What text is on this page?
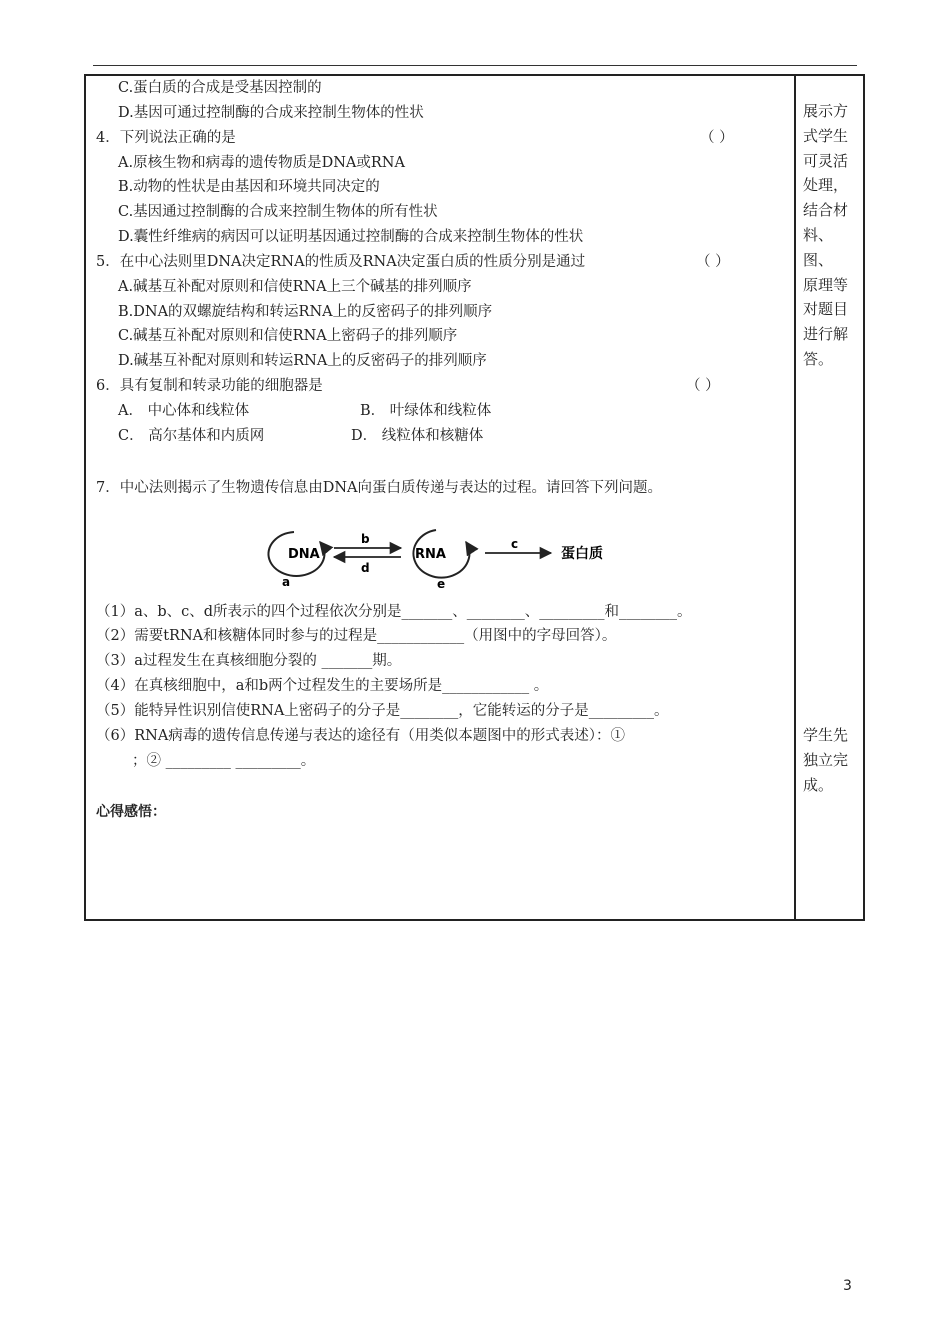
C.蛋白质的合成是受基因控制的
D.基因可通过控制酶的合成来控制生物体的性状
4．下列说法正确的是	（ ）
A.原核生物和病毒的遗传物质是DNA或RNA
B.动物的性状是由基因和环境共同决定的
C.基因通过控制酶的合成来控制生物体的所有性状
D.囊性纤维病的病因可以证明基因通过控制酶的合成来控制生物体的性状
5．在中心法则里DNA决定RNA的性质及RNA决定蛋白质的性质分别是通过	（ ）
A.碱基互补配对原则和信使RNA上三个碱基的排列顺序
B.DNA的双螺旋结构和转运RNA上的反密码子的排列顺序
C.碱基互补配对原则和信使RNA上密码子的排列顺序
D.碱基互补配对原则和转运RNA上的反密码子的排列顺序
6．具有复制和转录功能的细胞器是	（ ）
A． 中心体和线粒体	B． 叶绿体和线粒体
C． 高尔基体和内质网	D． 线粒体和核糖体
7．中心法则揭示了生物遗传信息由DNA向蛋白质传递与表达的过程。请回答下列问题。
（1）a、b、c、d所表示的四个过程依次分别是_______、________、_________和________。
（2）需要tRNA和核糖体同时参与的过程是____________（用图中的字母回答）。
（3）a过程发生在真核细胞分裂的 _______期。
（4）在真核细胞中，a和b两个过程发生的主要场所是____________ 。
（5）能特异性识别信使RNA上密码子的分子是________，它能转运的分子是_________。
（6）RNA病毒的遗传信息传递与表达的途径有（用类似本题图中的形式表述）：①
；② _________ _________。
心得感悟：
DNA
a
b
d
RNA
e
c
蛋白质
展示方
式学生
可灵活
处理，
结合材
料、图、
原理等
对题目
进行解
答。
学生先
独立完
成。
3
